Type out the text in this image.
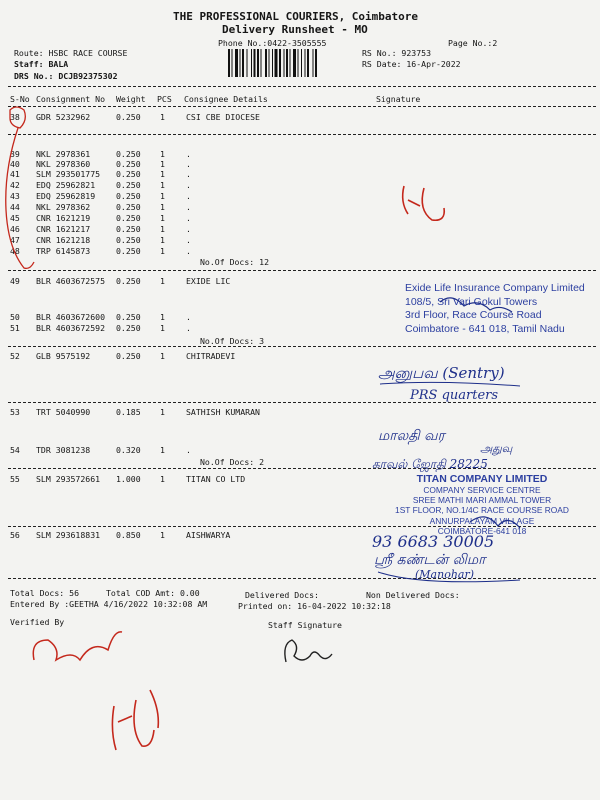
THE PROFESSIONAL COURIERS, Coimbatore
Delivery Runsheet - MO
Phone No.:0422-3505555	Page No.:2
Route: HSBC RACE COURSE
Staff: BALA
DRS No.: DCJB92375302
RS No.: 923753
RS Date: 16-Apr-2022
S-No Consignment No Weight PCS Consignee Details	Signature
38 GDR 5232962	0.250 1	CSI CBE DIOCESE
39 NKL 2978361	0.250 1	.
40 NKL 2978360	0.250 1	.
41 SLM 293501775 0.250 1	.
42 EDQ 25962821	0.250 1	.
43 EDQ 25962819	0.250 1	.
44 NKL 2978362	0.250 1	.
45 CNR 1621219	0.250 1	.
46 CNR 1621217	0.250 1	.
47 CNR 1621218	0.250 1	.
48 TRP 6145873	0.250 1	.
49 BLR 4603672575 0.250 1	EXIDE LIC
50 BLR 4603672600 0.250 1	.
51 BLR 4603672592 0.250 1	.
52 GLB 9575192	0.250 1	CHITRADEVI
53 TRT 5040990	0.185 1	SATHISH KUMARAN
54 TDR 3081238	0.320 1	.
55 SLM 293572661 1.000 1	TITAN CO LTD
56 SLM 293618831 0.850 1	AISHWARYA
No.Of Docs: 12
No.Of Docs: 3
No.Of Docs: 2
Exide Life Insurance Company Limited
108/5, Sri Vari Gokul Towers
3rd Floor, Race Course Road
Coimbatore - 641 018, Tamil Nadu
TITAN COMPANY LIMITED
COMPANY SERVICE CENTRE
SREE MATHI MARI AMMAL TOWER
1ST FLOOR, NO.1/4C RACE COURSE ROAD
ANNURPALAYAM VILLAGE
COIMBATORE-641 018
அனுபவ (Sentry)
PRS quarters
மாலதி வர
அதுவு
காவல் ஜோதி 28225
93 6683 30005
ஸ்ரீ கண்டன் லிமா
(Manohar)
Total Docs: 56	Total COD Amt: 0.00	Delivered Docs:	Non Delivered Docs:
Entered By :GEETHA 4/16/2022 10:32:08 AM	Printed on: 16-04-2022 10:32:18
Verified By	Staff Signature
